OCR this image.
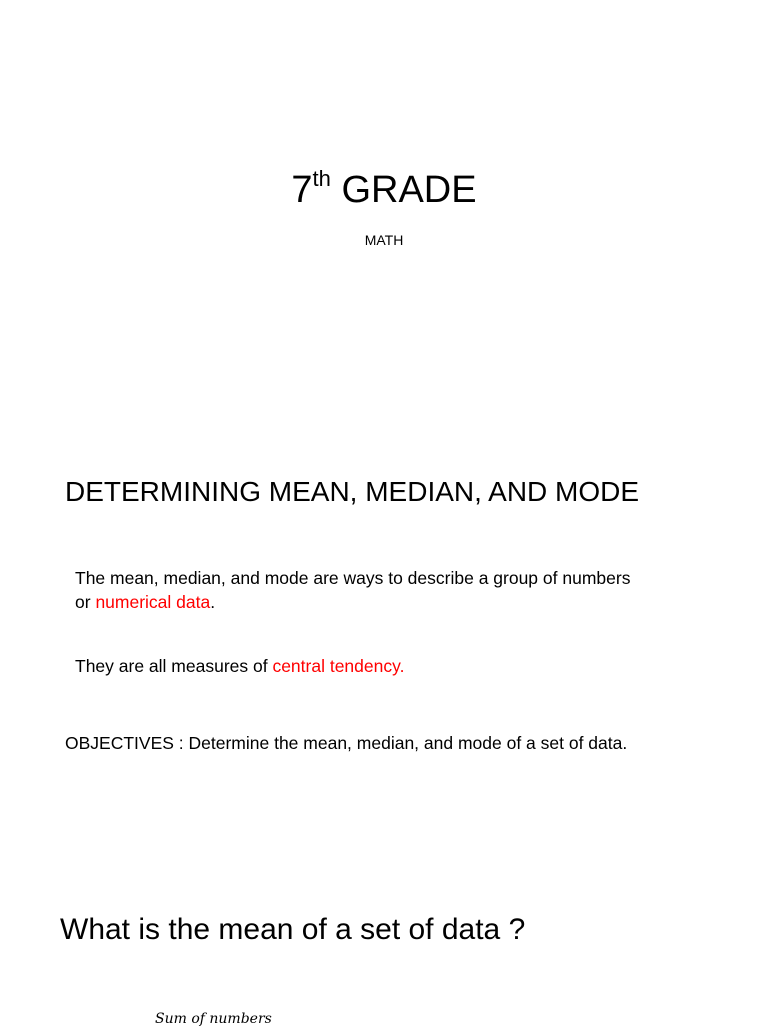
7th GRADE
MATH
DETERMINING MEAN, MEDIAN, AND MODE
The mean, median, and mode are ways to describe a group of numbers
or numerical data.
They are all measures of central tendency.
OBJECTIVES : Determine the mean, median, and mode of a set of data.
What is the mean of a set of data ?
Sum of numbers
